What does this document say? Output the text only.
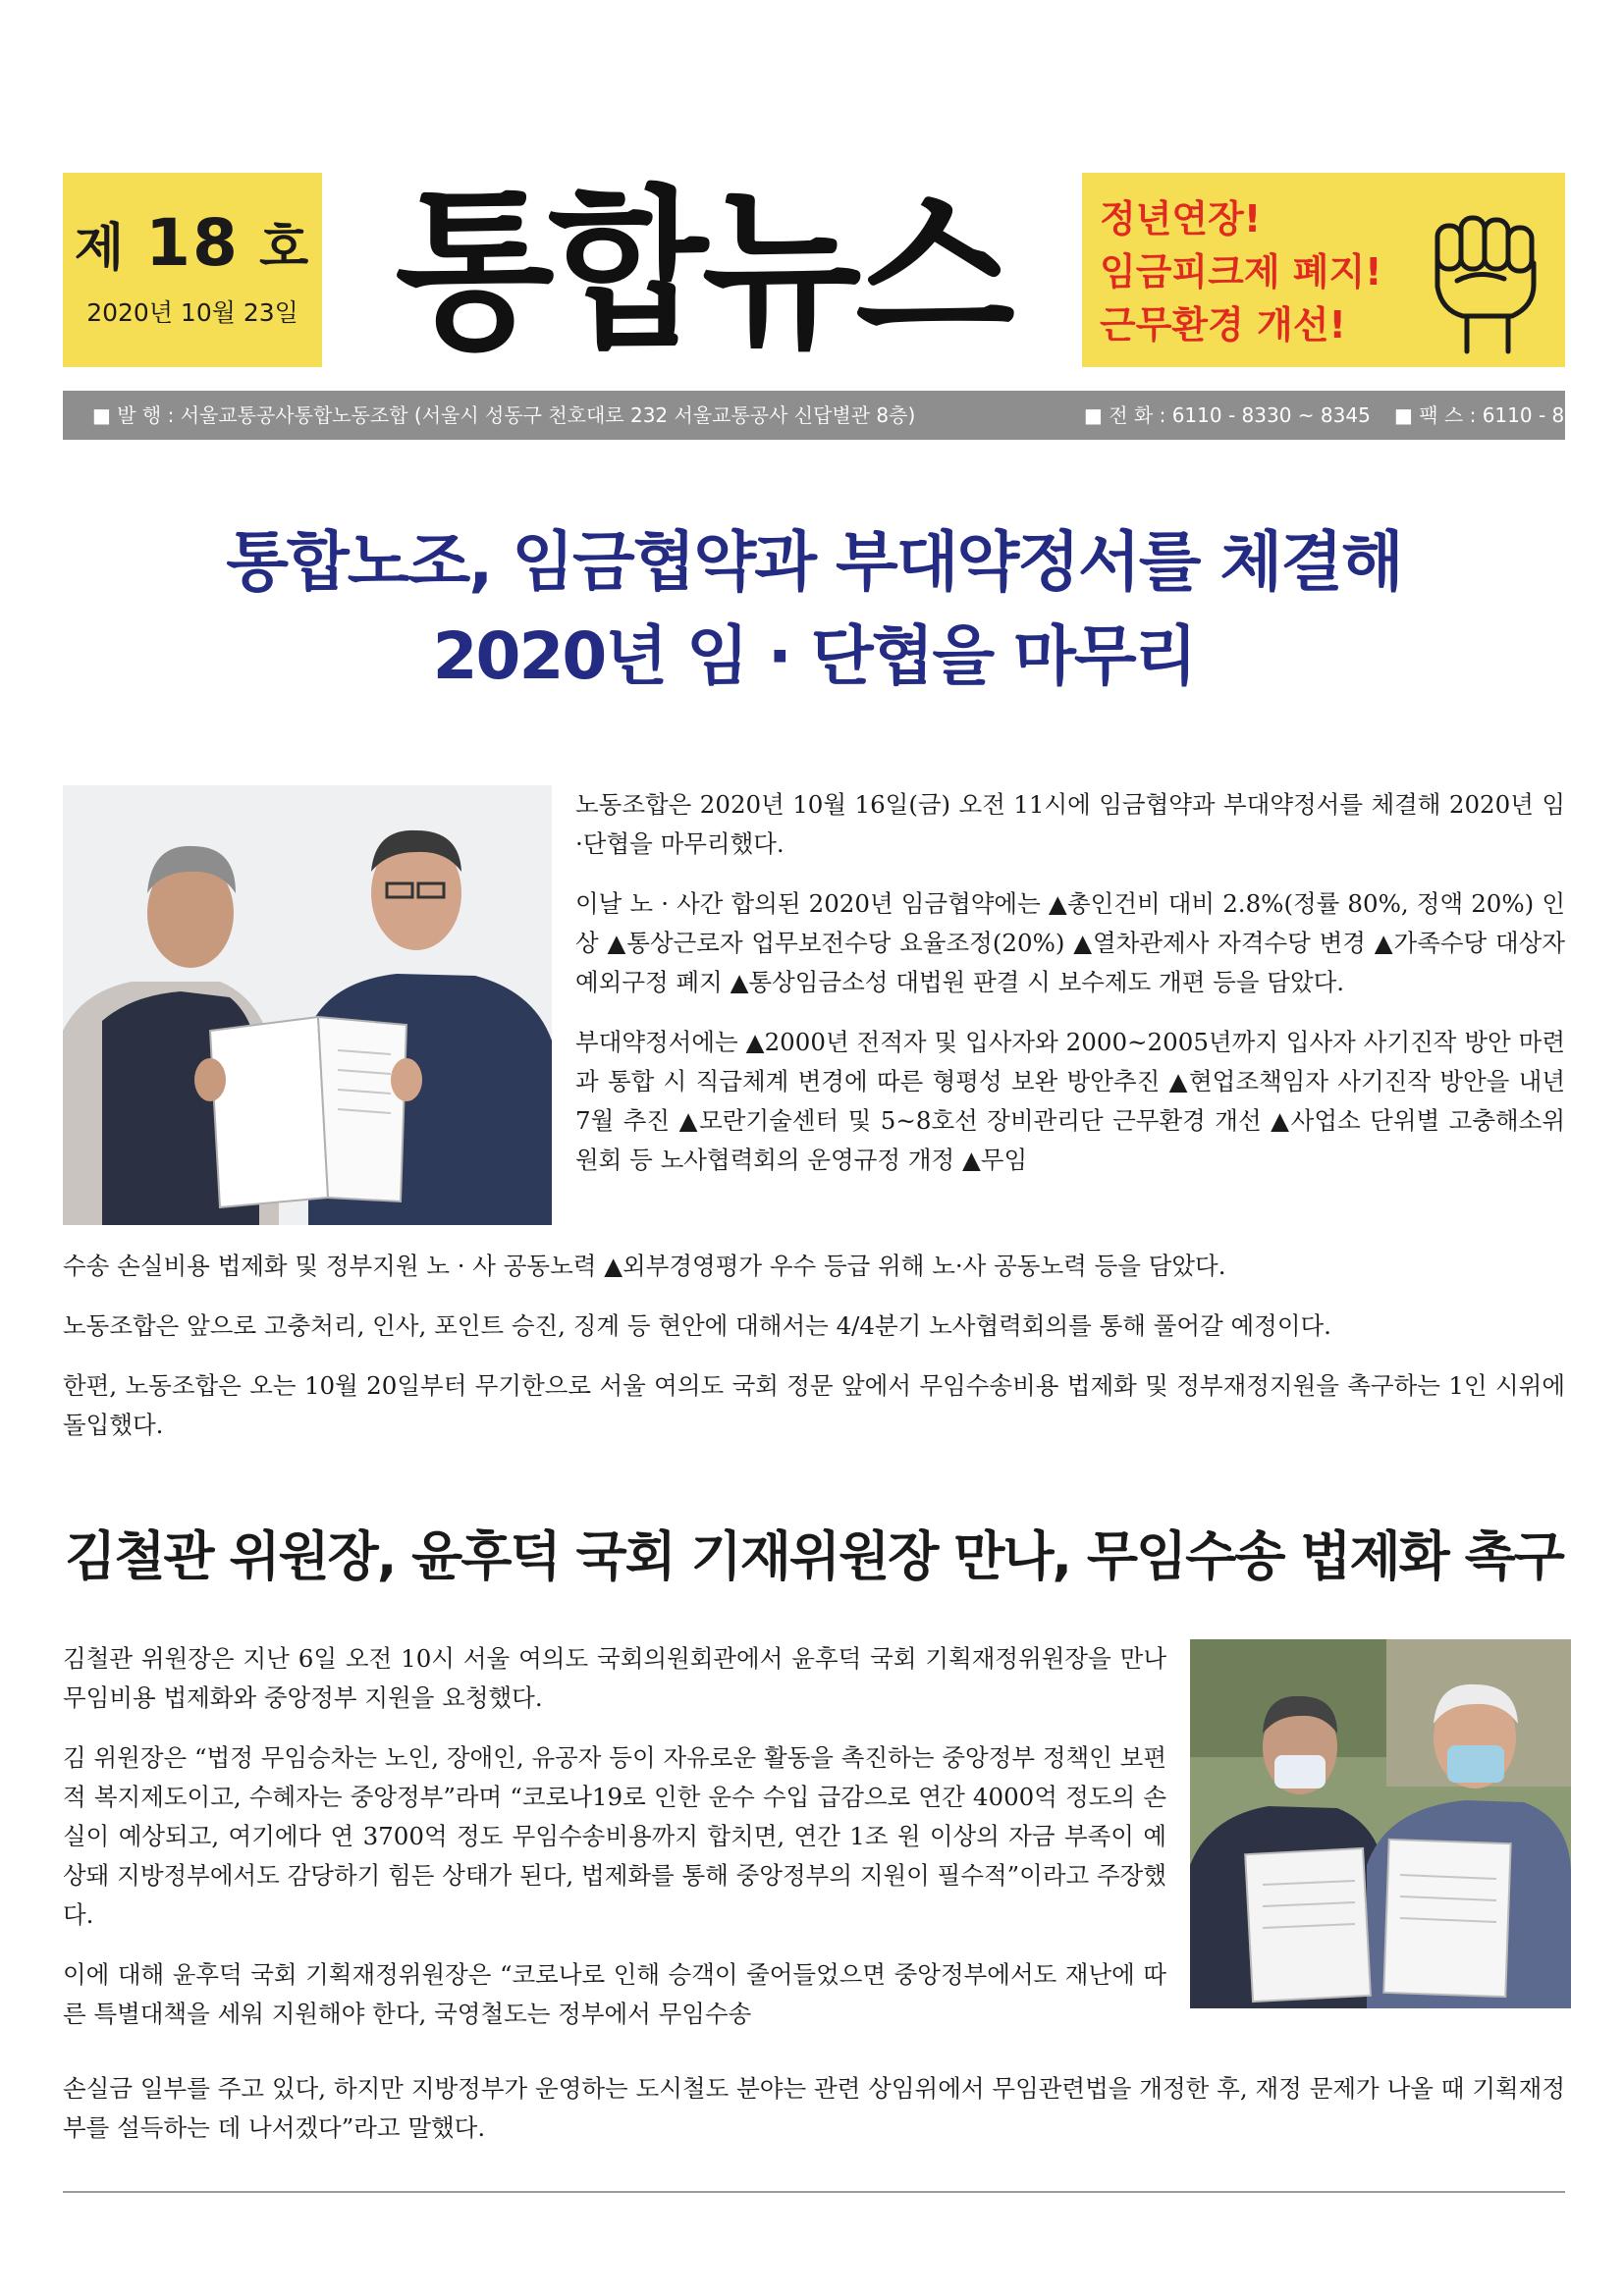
제 18 호
2020년 10월 23일 통합뉴스	정년연장!
임금피크제 폐지!
근무환경 개선!
■ 발 행 : 서울교통공사통합노동조합 (서울시 성동구 천호대로 232 서울교통공사 신답별관 8층)	■ 전 화 : 6110 - 8330 ~ 8345 ■ 팩 스 : 6110 - 8339
통합노조, 임금협약과 부대약정서를 체결해
2020년 임 · 단협을 마무리

노동조합은 2020년 10월 16일(금) 오전 11시에 임금협약과 부대약정서를 체결해 2020년 임·단협을 마무리했다.

이날 노 · 사간 합의된 2020년 임금협약에는 ▲총인건비 대비 2.8%(정률 80%, 정액 20%) 인상 ▲통상근로자 업무보전수당 요율조정(20%) ▲열차관제사 자격수당 변경 ▲가족수당 대상자 예외구정 폐지 ▲통상임금소성 대법원 판결 시 보수제도 개편 등을 담았다.

부대약정서에는 ▲2000년 전적자 및 입사자와 2000~2005년까지 입사자 사기진작 방안 마련과 통합 시 직급체계 변경에 따른 형평성 보완 방안추진 ▲현업조책임자 사기진작 방안을 내년 7월 추진 ▲모란기술센터 및 5~8호선 장비관리단 근무환경 개선 ▲사업소 단위별 고충해소위원회 등 노사협력회의 운영규정 개정 ▲무임

수송 손실비용 법제화 및 정부지원 노 · 사 공동노력 ▲외부경영평가 우수 등급 위해 노·사 공동노력 등을 담았다.

노동조합은 앞으로 고충처리, 인사, 포인트 승진, 징계 등 현안에 대해서는 4/4분기 노사협력회의를 통해 풀어갈 예정이다.

한편, 노동조합은 오는 10월 20일부터 무기한으로 서울 여의도 국회 정문 앞에서 무임수송비용 법제화 및 정부재정지원을 촉구하는 1인 시위에 돌입했다.

김철관 위원장, 윤후덕 국회 기재위원장 만나, 무임수송 법제화 촉구

김철관 위원장은 지난 6일 오전 10시 서울 여의도 국회의원회관에서 윤후덕 국회 기획재정위원장을 만나 무임비용 법제화와 중앙정부 지원을 요청했다.

김 위원장은 “법정 무임승차는 노인, 장애인, 유공자 등이 자유로운 활동을 촉진하는 중앙정부 정책인 보편적 복지제도이고, 수혜자는 중앙정부”라며 “코로나19로 인한 운수 수입 급감으로 연간 4000억 정도의 손실이 예상되고, 여기에다 연 3700억 정도 무임수송비용까지 합치면, 연간 1조 원 이상의 자금 부족이 예상돼 지방정부에서도 감당하기 힘든 상태가 된다, 법제화를 통해 중앙정부의 지원이 필수적”이라고 주장했다.

이에 대해 윤후덕 국회 기획재정위원장은 “코로나로 인해 승객이 줄어들었으면 중앙정부에서도 재난에 따른 특별대책을 세워 지원해야 한다, 국영철도는 정부에서 무임수송

손실금 일부를 주고 있다, 하지만 지방정부가 운영하는 도시철도 분야는 관련 상임위에서 무임관련법을 개정한 후, 재정 문제가 나올 때 기획재정부를 설득하는 데 나서겠다”라고 말했다.
